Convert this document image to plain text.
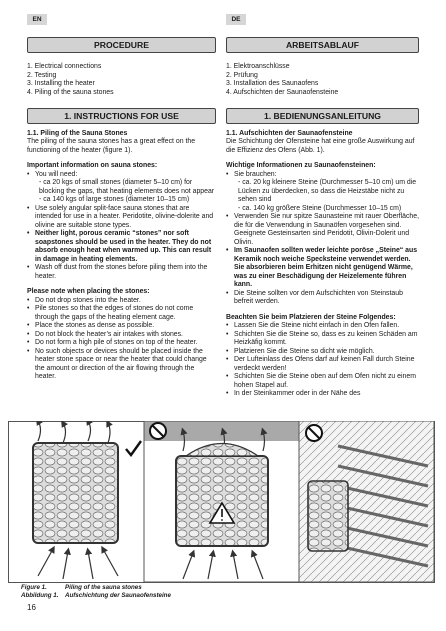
EN	DE
PROCEDURE
1. Electrical connections
2. Testing
3. Installing the heater
4. Piling of the sauna stones
1. INSTRUCTIONS FOR USE
1.1. Piling of the Sauna Stones
The piling of the sauna stones has a great effect on the functioning of the heater (figure 1).
Important information on sauna stones:
• You will need:
- ca 20 kgs of small stones (diameter 5–10 cm) for blocking the gaps, that heating elements does not appear
- ca 140 kgs of large stones (diameter 10–15 cm)
• Use solely angular split-face sauna stones that are intended for use in a heater. Peridotite, olivine-dolerite and olivine are suitable stone types.
• Neither light, porous ceramic “stones” nor soft soapstones should be used in the heater. They do not absorb enough heat when warmed up. This can result in damage in heating elements.
• Wash off dust from the stones before piling them into the heater.
Please note when placing the stones:
• Do not drop stones into the heater.
• Pile stones so that the edges of stones do not come through the gaps of the heating element cage.
• Place the stones as dense as possible.
• Do not block the heater’s air intakes with stones.
• Do not form a high pile of stones on top of the heater.
• No such objects or devices should be placed inside the heater stone space or near the heater that could change the amount or direction of the air flowing through the heater.
ARBEITSABLAUF
1. Elektroanschlüsse
2. Prüfung
3. Installation des Saunaofens
4. Aufschichten der Saunaofensteine
1. BEDIENUNGSANLEITUNG
1.1. Aufschichten der Saunaofensteine
Die Schichtung der Ofensteine hat eine große Auswirkung auf die Effizienz des Ofens (Abb. 1).
Wichtige Informationen zu Saunaofensteinen:
• Sie brauchen:
- ca. 20 kg kleinere Steine (Durchmesser 5–10 cm) um die Lücken zu überdecken, so dass die Heizstäbe nicht zu sehen sind
- ca. 140 kg größere Steine (Durchmesser 10–15 cm)
• Verwenden Sie nur spitze Saunasteine mit rauer Oberfläche, die für die Verwendung in Saunaöfen vorgesehen sind. Geeignete Gesteinsarten sind Peridotit, Olivin-Dolerit und Olivin.
• Im Saunaofen sollten weder leichte poröse „Steine“ aus Keramik noch weiche Specksteine verwendet werden. Sie absorbieren beim Erhitzen nicht genügend Wärme, was zu einer Beschädigung der Heizelemente führen kann.
• Die Steine sollten vor dem Aufschichten von Steinstaub befreit werden.
Beachten Sie beim Platzieren der Steine Folgendes:
• Lassen Sie die Steine nicht einfach in den Ofen fallen.
• Schichten Sie die Steine so, dass es zu keinen Schäden am Heizkäfig kommt.
• Platzieren Sie die Steine so dicht wie möglich.
• Der Lufteinlass des Ofens darf auf keinen Fall durch Steine verdeckt werden!
• Schichten Sie die Steine oben auf dem Ofen nicht zu einem hohen Stapel auf.
• In der Steinkammer oder in der Nähe des
Figure 1.	Piling of the sauna stones
Abbildung 1. Aufschichtung der Saunaofensteine
16
